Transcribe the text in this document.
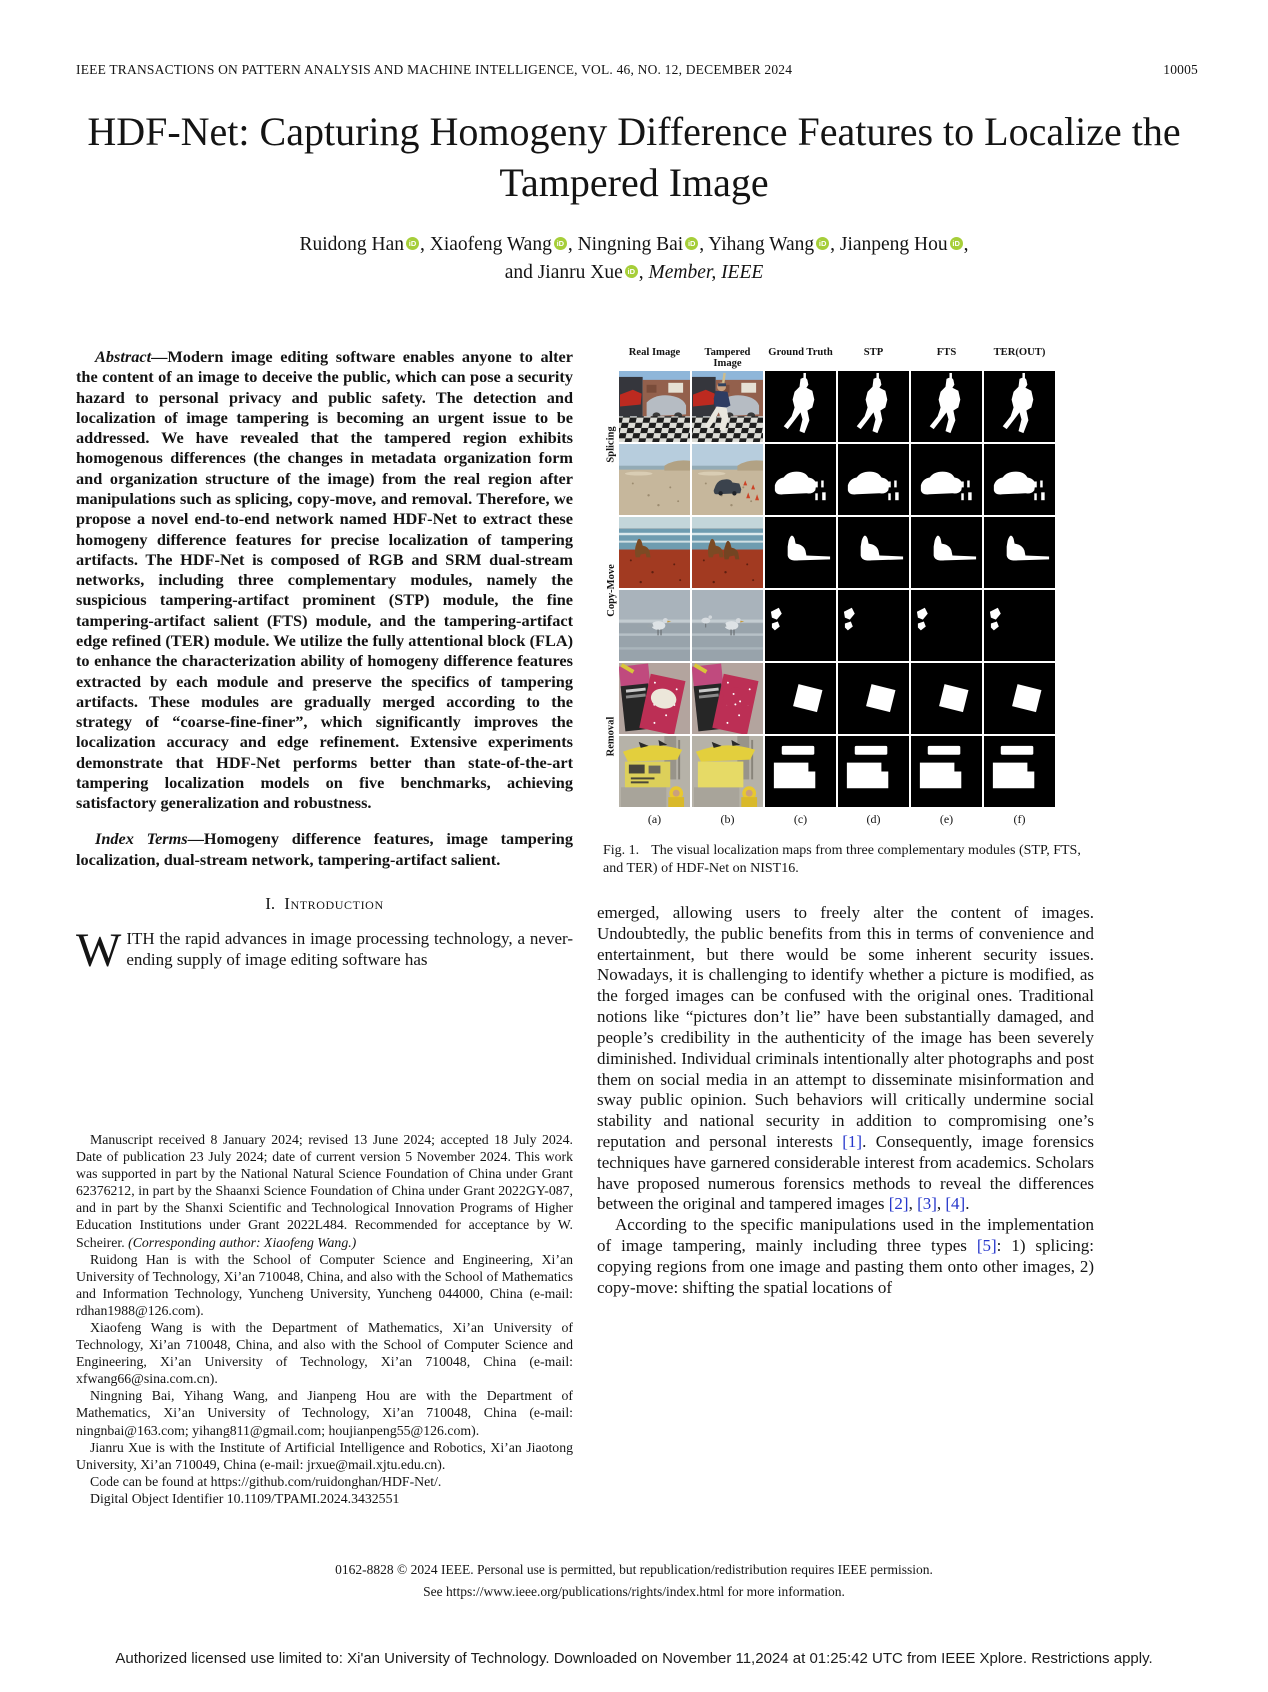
IEEE TRANSACTIONS ON PATTERN ANALYSIS AND MACHINE INTELLIGENCE, VOL. 46, NO. 12, DECEMBER 2024	10005
HDF-Net: Capturing Homogeny Difference Features to Localize the Tampered Image
Ruidong Han iD , Xiaofeng Wang iD , Ningning Bai iD , Yihang Wang iD , Jianpeng Hou iD ,
and Jianru Xue iD , Member, IEEE

Abstract—Modern image editing software enables anyone to alter the content of an image to deceive the public, which can pose a security hazard to personal privacy and public safety. The detection and localization of image tampering is becoming an urgent issue to be addressed. We have revealed that the tampered region exhibits homogenous differences (the changes in metadata organization form and organization structure of the image) from the real region after manipulations such as splicing, copy-move, and removal. Therefore, we propose a novel end-to-end network named HDF-Net to extract these homogeny difference features for precise localization of tampering artifacts. The HDF-Net is composed of RGB and SRM dual-stream networks, including three complementary modules, namely the suspicious tampering-artifact prominent (STP) module, the fine tampering-artifact salient (FTS) module, and the tampering-artifact edge refined (TER) module. We utilize the fully attentional block (FLA) to enhance the characterization ability of homogeny difference features extracted by each module and preserve the specifics of tampering artifacts. These modules are gradually merged according to the strategy of “coarse-fine-finer”, which significantly improves the localization accuracy and edge refinement. Extensive experiments demonstrate that HDF-Net performs better than state-of-the-art tampering localization models on five benchmarks, achieving satisfactory generalization and robustness.

Index Terms—Homogeny difference features, image tampering localization, dual-stream network, tampering-artifact salient.

I. Introduction

WITH the rapid advances in image processing technology, a never-ending supply of image editing software has

Manuscript received 8 January 2024; revised 13 June 2024; accepted 18 July 2024. Date of publication 23 July 2024; date of current version 5 November 2024. This work was supported in part by the National Natural Science Foundation of China under Grant 62376212, in part by the Shaanxi Science Foundation of China under Grant 2022GY-087, and in part by the Shanxi Scientific and Technological Innovation Programs of Higher Education Institutions under Grant 2022L484. Recommended for acceptance by W. Scheirer. (Corresponding author: Xiaofeng Wang.)

Ruidong Han is with the School of Computer Science and Engineering, Xi’an University of Technology, Xi’an 710048, China, and also with the School of Mathematics and Information Technology, Yuncheng University, Yuncheng 044000, China (e-mail: rdhan1988@126.com).

Xiaofeng Wang is with the Department of Mathematics, Xi’an University of Technology, Xi’an 710048, China, and also with the School of Computer Science and Engineering, Xi’an University of Technology, Xi’an 710048, China (e-mail: xfwang66@sina.com.cn).

Ningning Bai, Yihang Wang, and Jianpeng Hou are with the Department of Mathematics, Xi’an University of Technology, Xi’an 710048, China (e-mail: ningnbai@163.com; yihang811@gmail.com; houjianpeng55@126.com).

Jianru Xue is with the Institute of Artificial Intelligence and Robotics, Xi’an Jiaotong University, Xi’an 710049, China (e-mail: jrxue@mail.xjtu.edu.cn).

Code can be found at https://github.com/ruidonghan/HDF-Net/.

Digital Object Identifier 10.1109/TPAMI.2024.3432551

Real Image	Tampered Image
Ground Truth	STP	FTS	TER(OUT)
Splicing
Copy-Move
Removal
(a)	(b)	(c)	(d)	(e)	(f)
Fig. 1. The visual localization maps from three complementary modules (STP, FTS, and TER) of HDF-Net on NIST16.

emerged, allowing users to freely alter the content of images. Undoubtedly, the public benefits from this in terms of convenience and entertainment, but there would be some inherent security issues. Nowadays, it is challenging to identify whether a picture is modified, as the forged images can be confused with the original ones. Traditional notions like “pictures don’t lie” have been substantially damaged, and people’s credibility in the authenticity of the image has been severely diminished. Individual criminals intentionally alter photographs and post them on social media in an attempt to disseminate misinformation and sway public opinion. Such behaviors will critically undermine social stability and national security in addition to compromising one’s reputation and personal interests [1]. Consequently, image forensics techniques have garnered considerable interest from academics. Scholars have proposed numerous forensics methods to reveal the differences between the original and tampered images [2], [3], [4].

According to the specific manipulations used in the implementation of image tampering, mainly including three types [5]: 1) splicing: copying regions from one image and pasting them onto other images, 2) copy-move: shifting the spatial locations of

0162-8828 © 2024 IEEE. Personal use is permitted, but republication/redistribution requires IEEE permission.
See https://www.ieee.org/publications/rights/index.html for more information.
Authorized licensed use limited to: Xi'an University of Technology. Downloaded on November 11,2024 at 01:25:42 UTC from IEEE Xplore. Restrictions apply.
